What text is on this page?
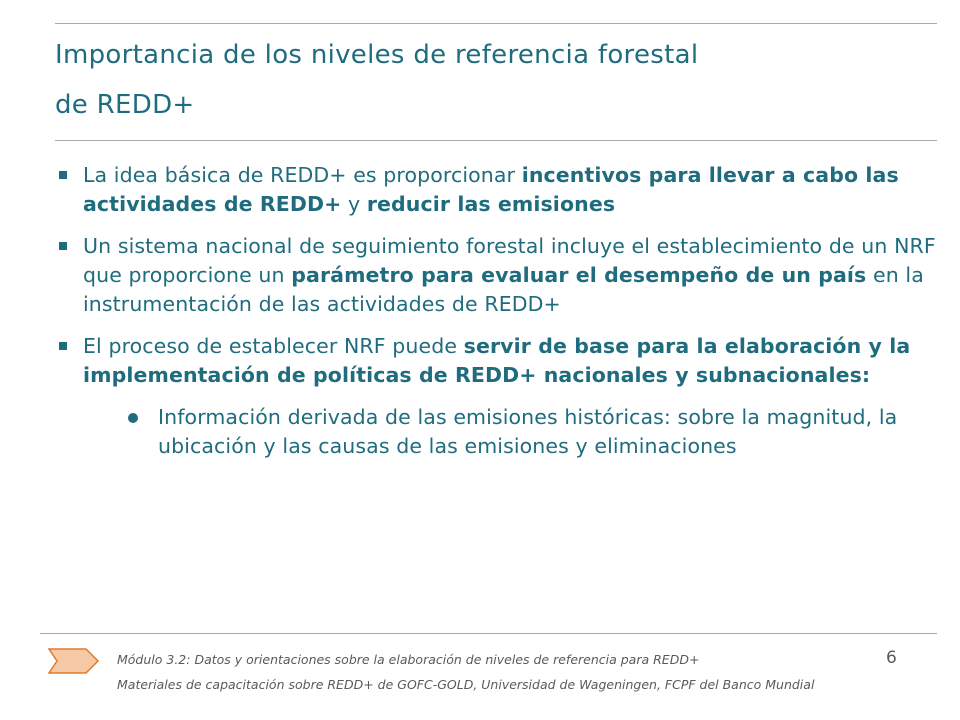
Importancia de los niveles de referencia forestal
de REDD+
La idea básica de REDD+ es proporcionar incentivos para llevar a cabo las actividades de REDD+ y reducir las emisiones
Un sistema nacional de seguimiento forestal incluye el establecimiento de un NRF que proporcione un parámetro para evaluar el desempeño de un país en la instrumentación de las actividades de REDD+
El proceso de establecer NRF puede servir de base para la elaboración y la implementación de políticas de REDD+ nacionales y subnacionales:
Información derivada de las emisiones históricas: sobre la magnitud, la ubicación y las causas de las emisiones y eliminaciones
Módulo 3.2: Datos y orientaciones sobre la elaboración de niveles de referencia para REDD+	6
Materiales de capacitación sobre REDD+ de GOFC-GOLD, Universidad de Wageningen, FCPF del Banco Mundial
